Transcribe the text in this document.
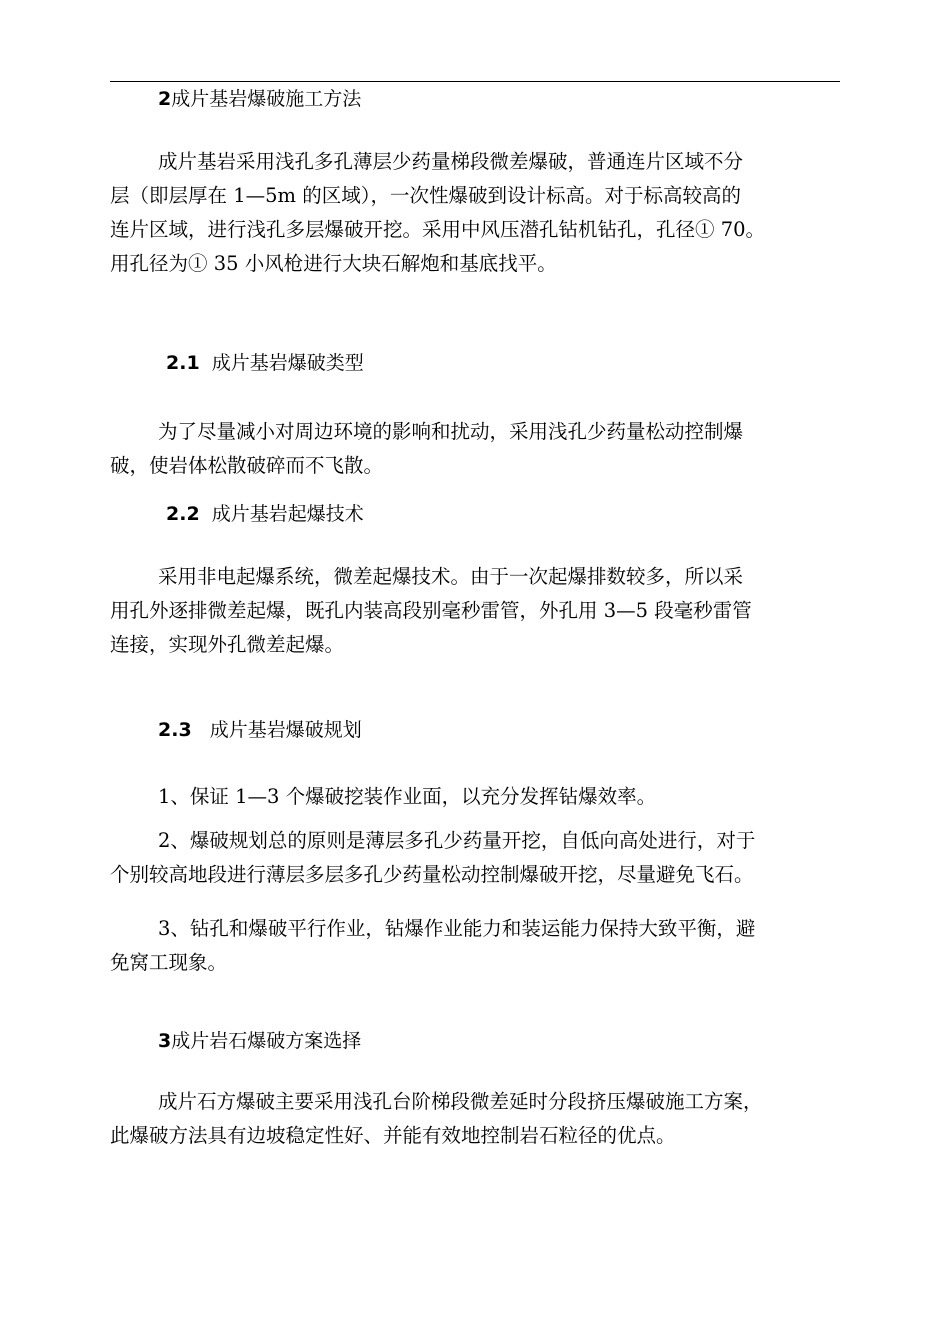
2成片基岩爆破施工方法
成片基岩采用浅孔多孔薄层少药量梯段微差爆破，普通连片区域不分
层（即层厚在 1—5m 的区域），一次性爆破到设计标高。对于标高较高的
连片区域，进行浅孔多层爆破开挖。采用中风压潜孔钻机钻孔，孔径① 70。
用孔径为① 35 小风枪进行大块石解炮和基底找平。
2.1 成片基岩爆破类型
为了尽量减小对周边环境的影响和扰动，采用浅孔少药量松动控制爆
破，使岩体松散破碎而不飞散。
2.2 成片基岩起爆技术
采用非电起爆系统，微差起爆技术。由于一次起爆排数较多，所以采
用孔外逐排微差起爆，既孔内装高段别毫秒雷管，外孔用 3—5 段毫秒雷管
连接，实现外孔微差起爆。
2.3 成片基岩爆破规划
1、保证 1—3 个爆破挖装作业面，以充分发挥钻爆效率。
2、爆破规划总的原则是薄层多孔少药量开挖，自低向高处进行，对于
个别较高地段进行薄层多层多孔少药量松动控制爆破开挖，尽量避免飞石。
3、钻孔和爆破平行作业，钻爆作业能力和装运能力保持大致平衡，避
免窝工现象。
3成片岩石爆破方案选择
成片石方爆破主要采用浅孔台阶梯段微差延时分段挤压爆破施工方案，
此爆破方法具有边坡稳定性好、并能有效地控制岩石粒径的优点。
